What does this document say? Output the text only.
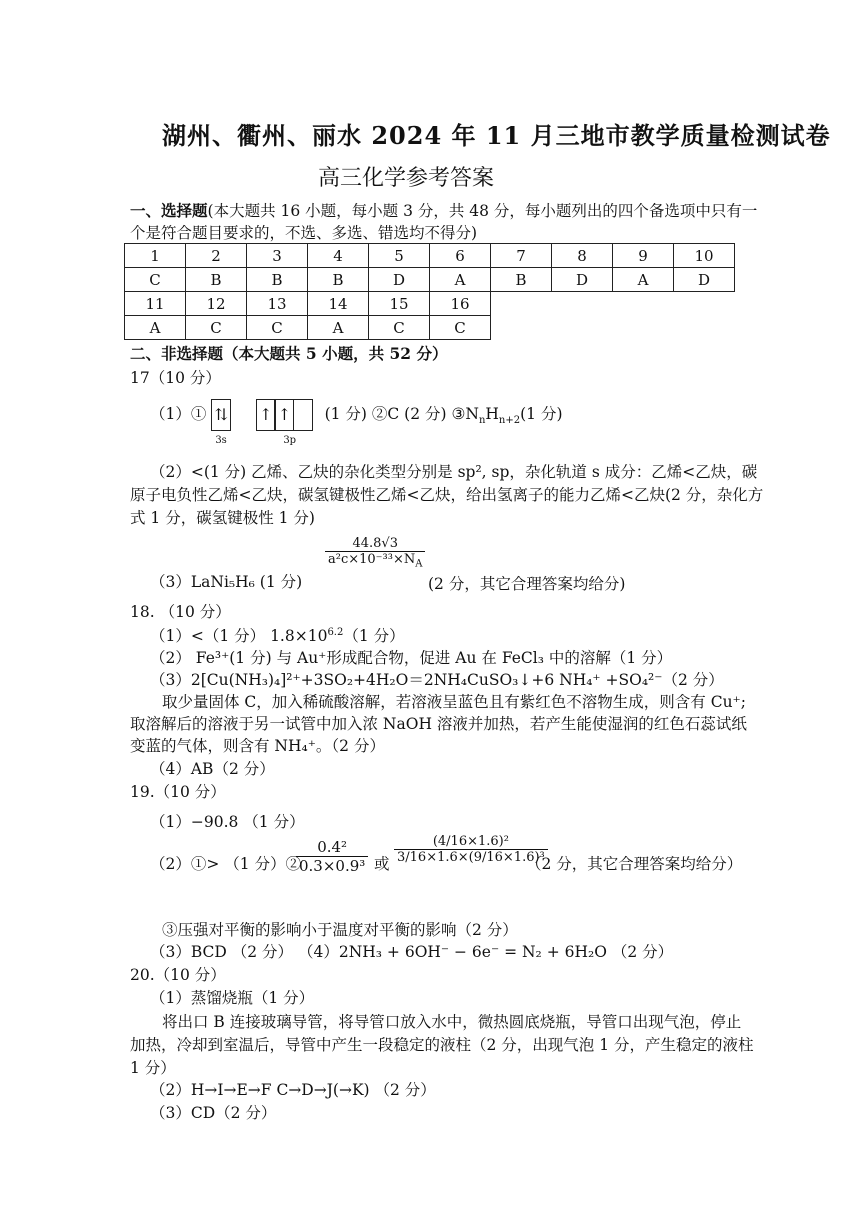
湖州、衢州、丽水 2024 年 11 月三地市教学质量检测试卷
高三化学参考答案
一、选择题(本大题共 16 小题，每小题 3 分，共 48 分，每小题列出的四个备选项中只有一
个是符合题目要求的，不选、多选、错选均不得分)
1	2	3	4	5	6	7	8	9	10
C	B	B	B	D	A	B	D	A	D
11	12	13	14	15	16
A	C	C	A	C	C
二、非选择题（本大题共 5 小题，共 52 分）
17（10 分）
（1）① ⇅ ↑ ↑
3s	3p
(1 分) ②C (2 分) $③N_nH_{n+2}(1$ 分)
（2）<(1 分) 乙烯、乙炔的杂化类型分别是 sp², sp，杂化轨道 s 成分：乙烯<乙炔，碳
原子电负性乙烯<乙炔，碳氢键极性乙烯<乙炔，给出氢离子的能力乙烯<乙炔(2 分，杂化方
式 1 分，碳氢键极性 1 分)
（3）LaNi₅H₆ (1 分)
$\frac{44.8√3}{a^2c\times 10^{-33}\times N_A}$
(2 分，其它合理答案均给分)
18. （10 分）
（1）<（1 分） $1.8\times 10^{6.2}(1$ 分）
（2） Fe³⁺(1 分) 与 Au⁺形成配合物，促进 Au 在 FeCl₃ 中的溶解（1 分）
（3）2[Cu(NH₃)₄]²⁺+3SO₂+4H₂O＝2NH₄CuSO₃↓+6 NH₄⁺ +SO₄²⁻（2 分）
取少量固体 C，加入稀硫酸溶解，若溶液呈蓝色且有紫红色不溶物生成，则含有 Cu⁺;
取溶解后的溶液于另一试管中加入浓 NaOH 溶液并加热，若产生能使湿润的红色石蕊试纸
变蓝的气体，则含有 NH₄⁺。（2 分）
（4）AB（2 分）
19.（10 分）
（1）−90.8 （1 分）
（2）①> （1 分）②
$\frac{\text{0.4²}}{\text{0.3×0.9³}}$ 或 $\frac{\text{(4/16×1.6)²}}{\text{3/16×1.6×(9/16×1.6)³}}$
（2 分，其它合理答案均给分）
③压强对平衡的影响小于温度对平衡的影响（2 分）
（3）BCD （2 分） （4）2NH₃ + 6OH⁻ − 6e⁻ = N₂ + 6H₂O （2 分）
20.（10 分）
（1）蒸馏烧瓶（1 分）
将出口 B 连接玻璃导管，将导管口放入水中，微热圆底烧瓶，导管口出现气泡，停止
加热，冷却到室温后，导管中产生一段稳定的液柱（2 分，出现气泡 1 分，产生稳定的液柱
1 分）
（2）H→I→E→F C→D→J(→K) （2 分）
（3）CD（2 分）
